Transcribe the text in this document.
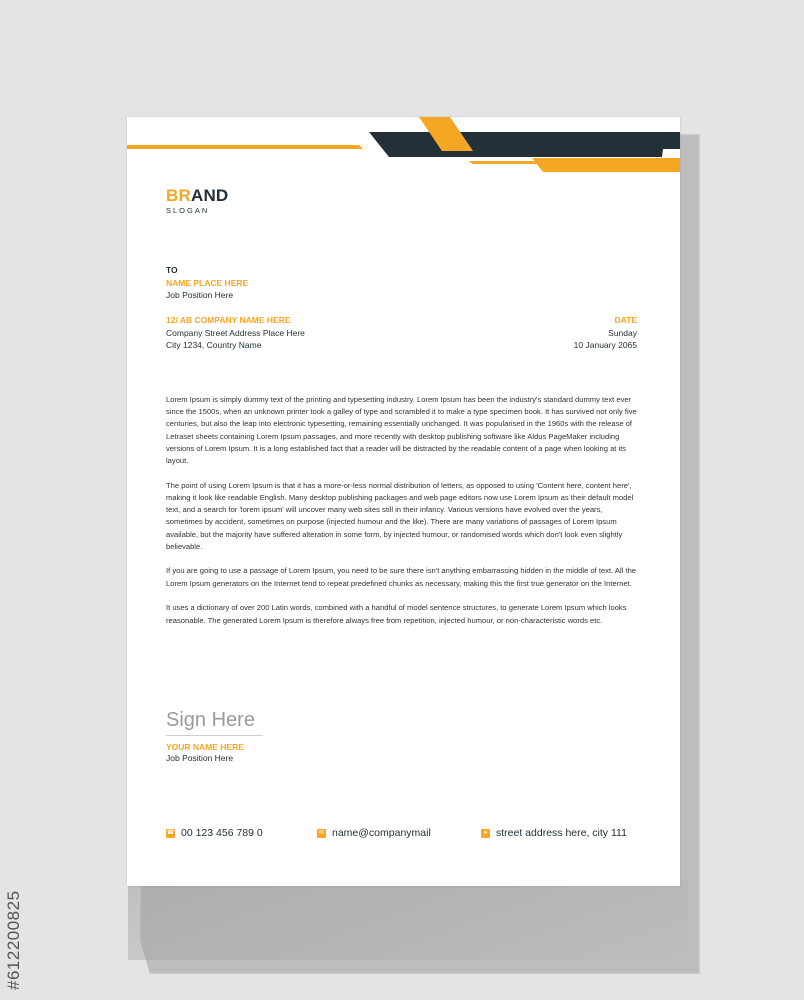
BRAND
SLOGAN
TO
NAME PLACE HERE
Job Position Here
12/ AB COMPANY NAME HERE
Company Street Address Place Here
City 1234, Country Name
DATE
Sunday
10 January 2065

Lorem Ipsum is simply dummy text of the printing and typesetting industry. Lorem Ipsum has been the industry's standard dummy text ever since the 1500s, when an unknown printer took a galley of type and scrambled it to make a type specimen book. It has survived not only five centuries, but also the leap into electronic typesetting, remaining essentially unchanged. It was popularised in the 1960s with the release of Letraset sheets containing Lorem Ipsum passages, and more recently with desktop publishing software like Aldus PageMaker including versions of Lorem Ipsum. It is a long established fact that a reader will be distracted by the readable content of a page when looking at its layout.

The point of using Lorem Ipsum is that it has a more-or-less normal distribution of letters, as opposed to using 'Content here, content here', making it look like readable English. Many desktop publishing packages and web page editors now use Lorem Ipsum as their default model text, and a search for 'lorem ipsum' will uncover many web sites still in their infancy. Various versions have evolved over the years, sometimes by accident, sometimes on purpose (injected humour and the like). There are many variations of passages of Lorem Ipsum available, but the majority have suffered alteration in some form, by injected humour, or randomised words which don't look even slightly believable.

If you are going to use a passage of Lorem Ipsum, you need to be sure there isn't anything embarrassing hidden in the middle of text. All the Lorem Ipsum generators on the Internet tend to repeat predefined chunks as necessary, making this the first true generator on the Internet.

It uses a dictionary of over 200 Latin words, combined with a handful of model sentence structures, to generate Lorem Ipsum which looks reasonable. The generated Lorem Ipsum is therefore always free from repetition, injected humour, or non-characteristic words etc.

Sign Here
YOUR NAME HERE
Job Position Here
☎ 00 123 456 789 0	✉ name@companymail	● street address here, city 111
#612200825
